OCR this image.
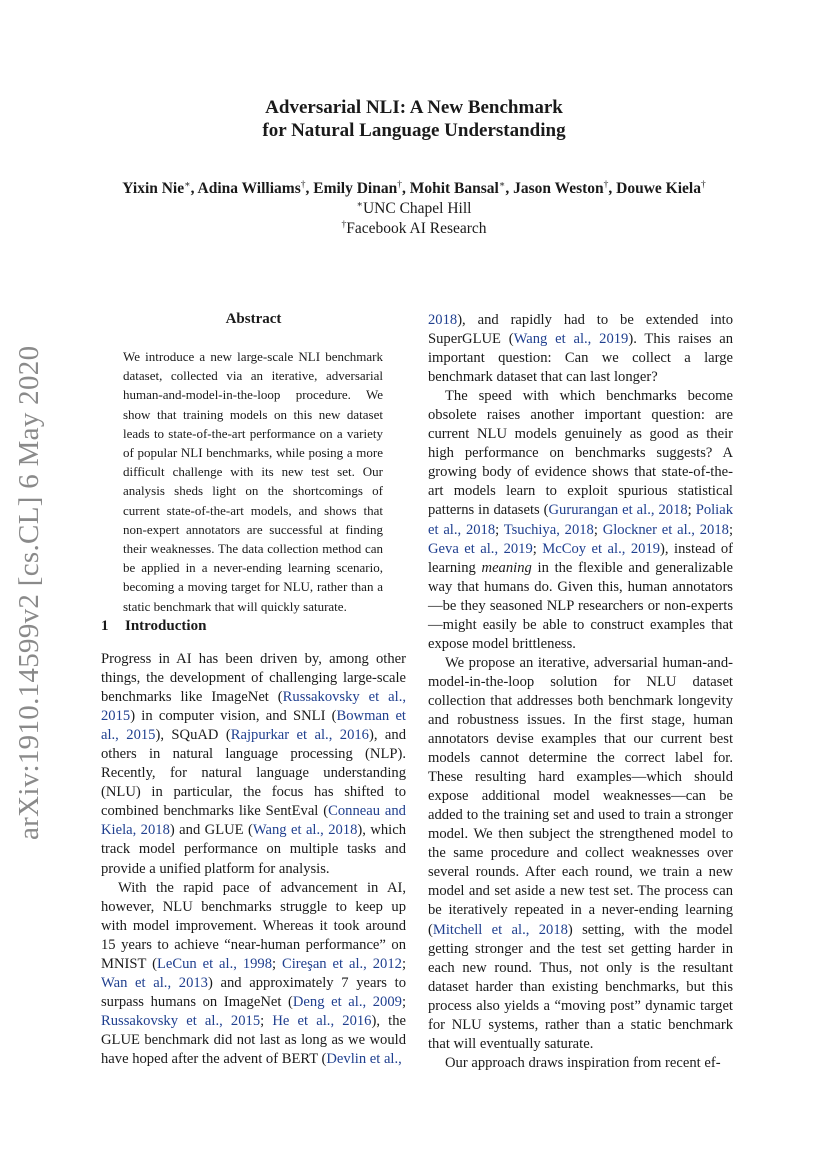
Adversarial NLI: A New Benchmark
for Natural Language Understanding
Yixin Nie∗, Adina Williams†, Emily Dinan†, Mohit Bansal∗, Jason Weston†, Douwe Kiela†
∗UNC Chapel Hill
†Facebook AI Research
arXiv:1910.14599v2 [cs.CL] 6 May 2020
Abstract
We introduce a new large-scale NLI benchmark dataset, collected via an iterative, adversarial human-and-model-in-the-loop procedure. We show that training models on this new dataset leads to state-of-the-art performance on a variety of popular NLI benchmarks, while posing a more difficult challenge with its new test set. Our analysis sheds light on the shortcomings of current state-of-the-art models, and shows that non-expert annotators are successful at finding their weaknesses. The data collection method can be applied in a never-ending learning scenario, becoming a moving target for NLU, rather than a static benchmark that will quickly saturate.
1 Introduction

Progress in AI has been driven by, among other things, the development of challenging large-scale benchmarks like ImageNet (Russakovsky et al., 2015) in computer vision, and SNLI (Bowman et al., 2015), SQuAD (Rajpurkar et al., 2016), and others in natural language processing (NLP). Recently, for natural language understanding (NLU) in particular, the focus has shifted to combined benchmarks like SentEval (Conneau and Kiela, 2018) and GLUE (Wang et al., 2018), which track model performance on multiple tasks and provide a unified platform for analysis.

With the rapid pace of advancement in AI, however, NLU benchmarks struggle to keep up with model improvement. Whereas it took around 15 years to achieve “near-human performance” on MNIST (LeCun et al., 1998; Cireşan et al., 2012; Wan et al., 2013) and approximately 7 years to surpass humans on ImageNet (Deng et al., 2009; Russakovsky et al., 2015; He et al., 2016), the GLUE benchmark did not last as long as we would have hoped after the advent of BERT (Devlin et al.,

2018), and rapidly had to be extended into SuperGLUE (Wang et al., 2019). This raises an important question: Can we collect a large benchmark dataset that can last longer?

The speed with which benchmarks become obsolete raises another important question: are current NLU models genuinely as good as their high performance on benchmarks suggests? A growing body of evidence shows that state-of-the-art models learn to exploit spurious statistical patterns in datasets (Gururangan et al., 2018; Poliak et al., 2018; Tsuchiya, 2018; Glockner et al., 2018; Geva et al., 2019; McCoy et al., 2019), instead of learning meaning in the flexible and generalizable way that humans do. Given this, human annotators—be they seasoned NLP researchers or non-experts—might easily be able to construct examples that expose model brittleness.

We propose an iterative, adversarial human-and-model-in-the-loop solution for NLU dataset collection that addresses both benchmark longevity and robustness issues. In the first stage, human annotators devise examples that our current best models cannot determine the correct label for. These resulting hard examples—which should expose additional model weaknesses—can be added to the training set and used to train a stronger model. We then subject the strengthened model to the same procedure and collect weaknesses over several rounds. After each round, we train a new model and set aside a new test set. The process can be iteratively repeated in a never-ending learning (Mitchell et al., 2018) setting, with the model getting stronger and the test set getting harder in each new round. Thus, not only is the resultant dataset harder than existing benchmarks, but this process also yields a “moving post” dynamic target for NLU systems, rather than a static benchmark that will eventually saturate.

Our approach draws inspiration from recent ef-
